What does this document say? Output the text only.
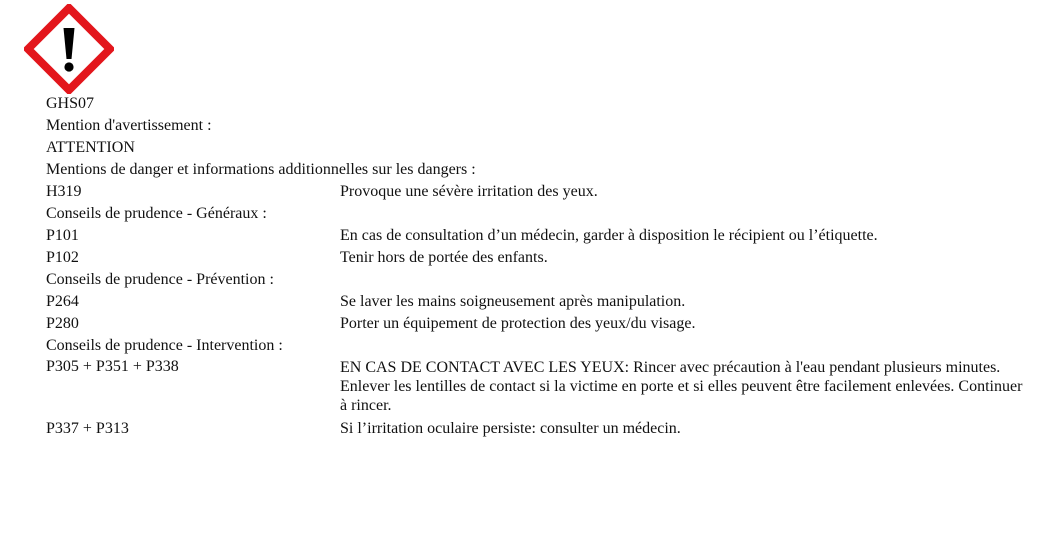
GHS07
Mention d'avertissement :
ATTENTION
Mentions de danger et informations additionnelles sur les dangers :
H319	Provoque une sévère irritation des yeux.
Conseils de prudence - Généraux :
P101	En cas de consultation d’un médecin, garder à disposition le récipient ou l’étiquette.
P102	Tenir hors de portée des enfants.
Conseils de prudence - Prévention :
P264	Se laver les mains soigneusement après manipulation.
P280	Porter un équipement de protection des yeux/du visage.
Conseils de prudence - Intervention :
P305 + P351 + P338	EN CAS DE CONTACT AVEC LES YEUX: Rincer avec précaution à l'eau pendant plusieurs minutes. Enlever les lentilles de contact si la victime en porte et si elles peuvent être facilement enlevées. Continuer à rincer.
P337 + P313	Si l’irritation oculaire persiste: consulter un médecin.
